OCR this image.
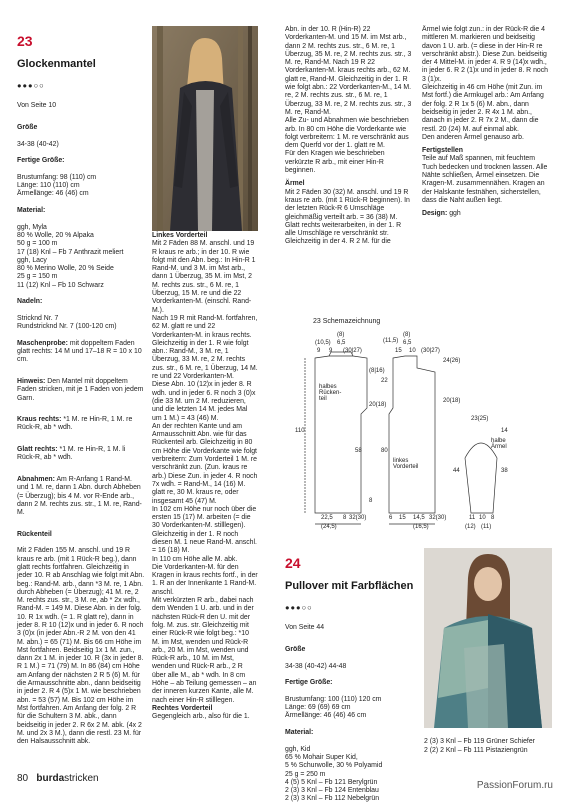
23

Glockenmantel

●●●○○

Von Seite 10

Größe

34-38 (40-42)

Fertige Größe:

Brustumfang: 98 (110) cm
Länge: 110 (110) cm
Ärmellänge: 46 (46) cm

Material:

ggh, Myla
80 % Wolle, 20 % Alpaka
50 g = 100 m
17 (18) Knl – Fb 7 Anthrazit meliert
ggh, Lacy
80 % Merino Wolle, 20 % Seide
25 g = 150 m
11 (12) Knl – Fb 10 Schwarz

Nadeln:

Stricknd Nr. 7
Rundstricknd Nr. 7 (100-120 cm)

Maschenprobe: mit doppeltem Faden glatt rechts: 14 M und 17–18 R = 10 x 10 cm.

Hinweis: Den Mantel mit doppeltem Faden stricken, mit je 1 Faden von jedem Garn.

Kraus rechts: *1 M. re Hin-R, 1 M. re Rück-R, ab * wdh.

Glatt rechts: *1 M. re Hin-R, 1 M. li Rück-R, ab * wdh.

Abnahmen: Am R-Anfang 1 Rand-M. und 1 M. re, dann 1 Abn. durch Abheben (= Überzug); bis 4 M. vor R-Ende arb., dann 2 M. rechts zus. str., 1 M. re, Rand-M.

Rückenteil

Mit 2 Fäden 155 M. anschl. und 19 R kraus re arb. (mit 1 Rück-R beg.), dann glatt rechts fortfahren. Gleichzeitig in jeder 10. R ab Anschlag wie folgt mit Abn. beg.: Rand-M. arb., dann *3 M. re, 1 Abn. durch Abheben (= Überzug); 41 M. re, 2 M. rechts zus. str., 3 M. re, ab * 2x wdh., Rand-M. = 149 M. Diese Abn. in der folg. 10. R 1x wdh. (= 1. R glatt re), dann in jeder 8. R 10 (12)x und in jeder 6. R noch 3 (0)x (in jeder Abn.-R 2 M. von den 41 M. abn.) = 65 (71) M. Bis 66 cm Höhe im Mst fortfahren. Beidseitig 1x 1 M. zun., dann 2x 1 M. in jeder 10. R (3x in jeder 8. R 1 M.) = 71 (79) M. In 86 (84) cm Höhe am Anfang der nächsten 2 R 5 (6) M. für die Armausschnitte abn., dann beidseitig in jeder 2. R 4 (5)x 1 M. wie beschrieben abn. = 53 (57) M. Bis 102 cm Höhe im Mst fortfahren. Am Anfang der folg. 2 R für die Schultern 3 M. abk., dann beidseitig in jeder 2. R 6x 2 M. abk. (4x 2 M. und 2x 3 M.), dann die restl. 23 M. für den Halsausschnitt abk.

Linkes Vorderteil
Mit 2 Fäden 88 M. anschl. und 19 R kraus re arb.; in der 10. R wie folgt mit den Abn. beg.: In Hin-R 1 Rand-M. und 3 M. im Mst arb., dann 1 Überzug, 35 M. im Mst, 2 M. rechts zus. str., 6 M. re, 1 Überzug, 15 M. re und die 22 Vorderkanten-M. (einschl. Rand-M.).
Nach 19 R mit Rand-M. fortfahren, 62 M. glatt re und 22 Vorderkanten-M. in kraus rechts.
Gleichzeitig in der 1. R wie folgt abn.: Rand-M., 3 M. re, 1 Überzug, 33 M. re, 2 M. rechts zus. str., 6 M. re, 1 Überzug, 14 M. re und 22 Vorderkanten-M.
Diese Abn. 10 (12)x in jeder 8. R wdh. und in jeder 6. R noch 3 (0)x (die 33 M. um 2 M. reduzieren, und die letzten 14 M. jedes Mal um 1 M.) = 43 (46) M.
An der rechten Kante und am Armausschnitt Abn. wie für das Rückenteil arb. Gleichzeitig in 80 cm Höhe die Vorderkante wie folgt verbreitern: Zum Vorderteil 1 M. re verschränkt zun. (Zun. kraus re arb.) Diese Zun. in jeder 4. R noch 7x wdh. = Rand-M., 14 (16) M. glatt re, 30 M. kraus re, oder insgesamt 45 (47) M.
In 102 cm Höhe nur noch über die ersten 15 (17) M. arbeiten (= die 30 Vorderkanten-M. stilllegen).
Gleichzeitig in der 1. R noch diesen M. 1 neue Rand-M. anschl. = 16 (18) M.
In 110 cm Höhe alle M. abk.
Die Vorderkanten-M. für den Kragen in kraus rechts fortf., in der 1. R an der Innenkante 1 Rand-M. anschl.
Mit verkürzten R arb., dabei nach dem Wenden 1 U. arb. und in der nächsten Rück-R den U. mit der folg. M. zus. str. Gleichzeitig mit einer Rück-R wie folgt beg.: *10 M. im Mst, wenden und Rück-R arb., 20 M. im Mst, wenden und Rück-R arb., 10 M. im Mst, wenden und Rück-R arb., 2 R über alle M., ab * wdh. In 8 cm Höhe – ab Teilung gemessen – an der inneren kurzen Kante, alle M. nach einer Hin-R stilllegen.
Rechtes Vorderteil
Gegengleich arb., also für die 1.

Abn. in der 10. R (Hin-R) 22 Vorderkanten-M. und 15 M. im Mst arb., dann 2 M. rechts zus. str., 6 M. re, 1 Überzug, 35 M. re, 2 M. rechts zus. str., 3 M. re, Rand-M. Nach 19 R 22 Vorderkanten-M. kraus rechts arb., 62 M. glatt re, Rand-M. Gleichzeitig in der 1. R wie folgt abn.: 22 Vorderkanten-M., 14 M. re, 2 M. rechts zus. str., 6 M. re, 1 Überzug, 33 M. re, 2 M. rechts zus. str., 3 M. re, Rand-M.
Alle Zu- und Abnahmen wie beschrieben arb. In 80 cm Höhe die Vorderkante wie folgt verbreitern: 1 M. re verschränkt aus dem Querfd vor der 1. glatt re M.
Für den Kragen wie beschrieben verkürzte R arb., mit einer Hin-R beginnen.

Ärmel
Mit 2 Fäden 30 (32) M. anschl. und 19 R kraus re arb. (mit 1 Rück-R beginnen). In der letzten Rück-R 6 Umschläge gleichmäßig verteilt arb. = 36 (38) M.
Glatt rechts weiterarbeiten, in der 1. R alle Umschläge re verschränkt str. Gleichzeitig in der 4. R 2 M. für die

Ärmel wie folgt zun.: in der Rück-R die 4 mittleren M. markieren und beidseitig davon 1 U. arb. (= diese in der Hin-R re verschränkt abstr.). Diese Zun. beidseitig der 4 Mittel-M. in jeder 4. R 9 (14)x wdh., in jeder 6. R 2 (1)x und in jeder 8. R noch 3 (1)x.
Gleichzeitig in 46 cm Höhe (mit Zun. im Mst fortf.) die Armkugel arb.: Am Anfang der folg. 2 R 1x 5 (6) M. abn., dann beidseitig in jeder 2. R 4x 1 M. abn., danach in jeder 2. R 7x 2 M., dann die restl. 20 (24) M. auf einmal abk.
Den anderen Ärmel genauso arb.

Fertigstellen

Teile auf Maß spannen, mit feuchtem Tuch bedecken und trocknen lassen. Alle Nähte schließen, Ärmel einsetzen. Die Kragen-M. zusammennähen. Kragen an der Halskante festnähen, sicherstellen, dass die Naht außen liegt.

Design: ggh

23 Schemazeichnung
(10,5)
(8)
6,5
9 9 (30|27)
(11,5)
(8)
6,5
15 10 (30|27)
halbes
Rücken-
teil
linkes
Vorderteil
110
58	80
44
22
(8|16)
20(18)
8
22,5
(24,5)
8 32(30)	6 15 14,5
(16,5)
32(30)
23(25)
halbe
Ärmel
38
14
24(26)
20(18)
11 10
(12) (11)
8

24

Pullover mit Farbflächen

●●●○○

Von Seite 44

Größe

34-38 (40-42) 44-48

Fertige Größe:

Brustumfang: 100 (110) 120 cm
Länge: 69 (69) 69 cm
Ärmellänge: 46 (46) 46 cm

Material:

ggh, Kid
65 % Mohair Super Kid,
5 % Schurwolle, 30 % Polyamid
25 g = 250 m
4 (5) 5 Knl – Fb 121 Berylgrün
2 (3) 3 Knl – Fb 124 Entenblau
2 (3) 3 Knl – Fb 112 Nebelgrün

2 (3) 3 Knl – Fb 119 Grüner Schiefer
2 (2) 2 Knl – Fb 111 Pistaziengrün

80 burdastricken
PassionForum.ru
